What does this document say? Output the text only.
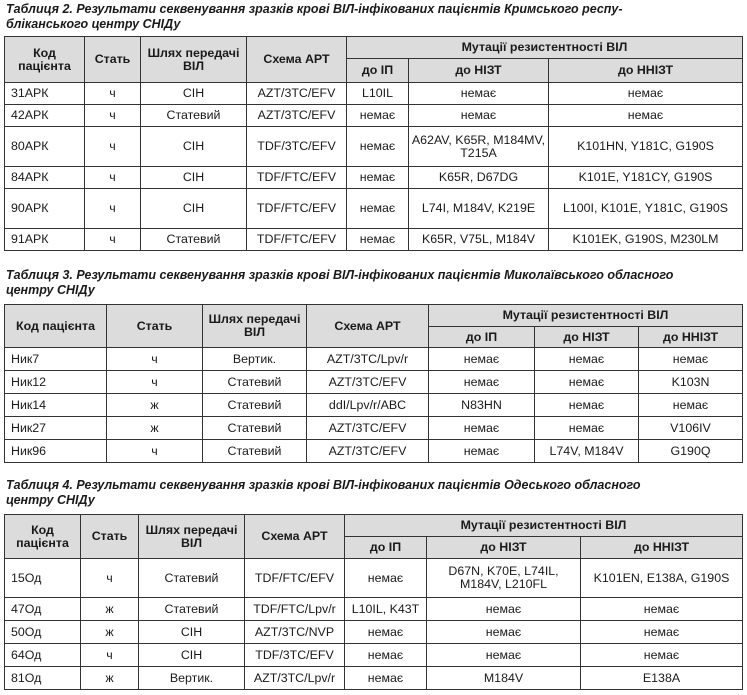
Таблиця 2. Результати секвенування зразків крові ВІЛ-інфікованих пацієнтів Кримського респу-
бліканського центру СНІДу
Код пацієнта	Стать	Шлях передачі ВІЛ	Схема АРТ	Мутації резистентності ВІЛ		
				до ІП	до НІЗТ	до ННІЗТ
31АРК	ч	СІН	AZT/3TC/EFV	L10IL	немає	немає
42АРК	ч	Статевий	AZT/3TC/EFV	немає	немає	немає
80АРК	ч	СІН	TDF/3TC/EFV	немає	A62AV, K65R, M184MV, T215A	K101HN, Y181C, G190S
84АРК	ч	СІН	TDF/FTC/EFV	немає	K65R, D67DG	K101E, Y181CY, G190S
90АРК	ч	СІН	TDF/FTC/EFV	немає	L74I, M184V, K219E	L100I, K101E, Y181C, G190S
91АРК	ч	Статевий	TDF/FTC/EFV	немає	K65R, V75L, M184V	K101EK, G190S, M230LM
Таблиця 3. Результати секвенування зразків крові ВІЛ-інфікованих пацієнтів Миколаївського обласного
центру СНІДу
Код пацієнта	Стать	Шлях передачі ВІЛ	Схема АРТ	Мутації резистентності ВІЛ		
				до ІП	до НІЗТ	до ННІЗТ
Ник7	ч	Вертик.	AZT/3TC/Lpv/r	немає	немає	немає
Ник12	ч	Статевий	AZT/3TC/EFV	немає	немає	K103N
Ник14	ж	Статевий	ddI/Lpv/r/ABC	N83HN	немає	немає
Ник27	ж	Статевий	AZT/3TC/EFV	немає	немає	V106IV
Ник96	ч	Статевий	AZT/3TC/EFV	немає	L74V, M184V	G190Q
Таблиця 4. Результати секвенування зразків крові ВІЛ-інфікованих пацієнтів Одеського обласного
центру СНІДу
Код пацієнта	Стать	Шлях передачі ВІЛ	Схема АРТ	Мутації резистентності ВІЛ		
				до ІП	до НІЗТ	до ННІЗТ
15Од	ч	Статевий	TDF/FTC/EFV	немає	D67N, K70E, L74IL, M184V, L210FL	K101EN, E138A, G190S
47Од	ж	Статевий	TDF/FTC/Lpv/r	L10IL, K43T	немає	немає
50Од	ж	СІН	AZT/3TC/NVP	немає	немає	немає
64Од	ч	СІН	TDF/3TC/EFV	немає	немає	немає
81Од	ж	Вертик.	AZT/3TC/Lpv/r	немає	M184V	E138A
